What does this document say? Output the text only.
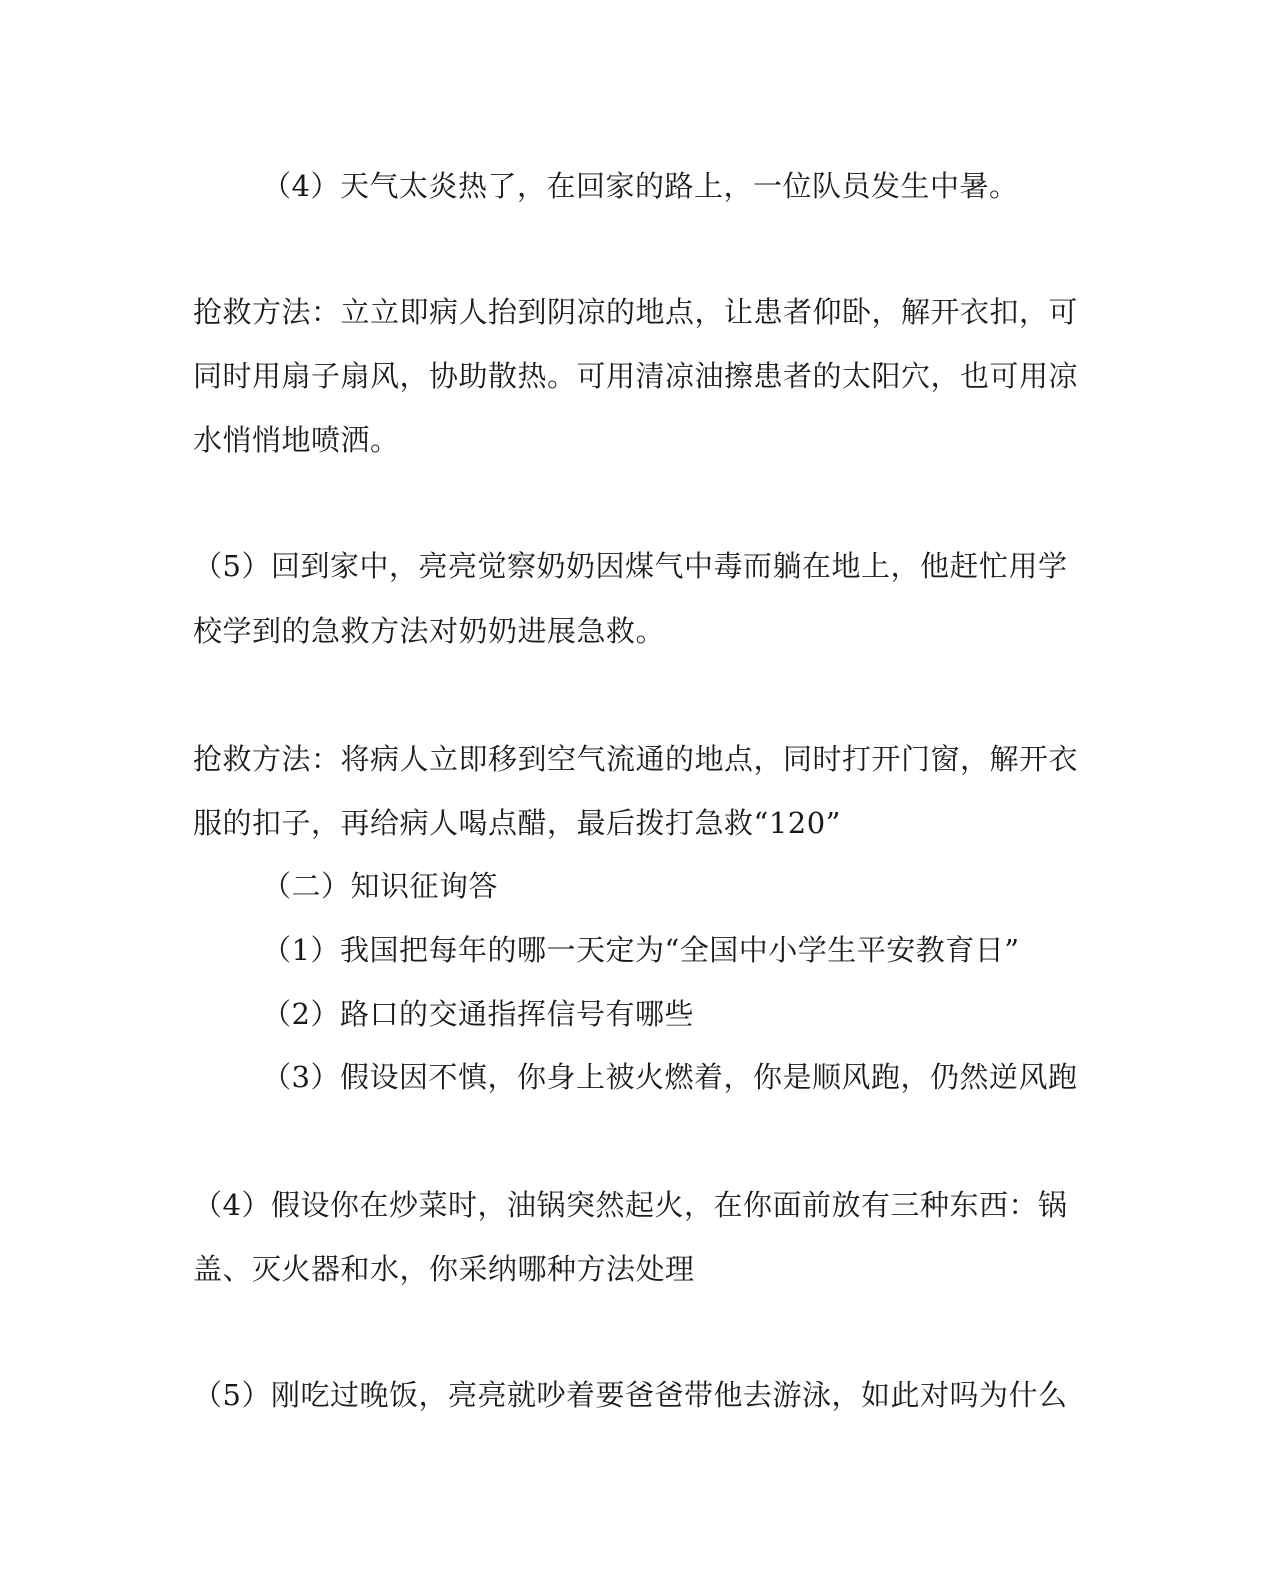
（4）天气太炎热了，在回家的路上，一位队员发生中暑。
抢救方法：立立即病人抬到阴凉的地点，让患者仰卧，解开衣扣，可
同时用扇子扇风，协助散热。可用清凉油擦患者的太阳穴，也可用凉
水悄悄地喷洒。
（5）回到家中，亮亮觉察奶奶因煤气中毒而躺在地上，他赶忙用学
校学到的急救方法对奶奶进展急救。
抢救方法：将病人立即移到空气流通的地点，同时打开门窗，解开衣
服的扣子，再给病人喝点醋，最后拨打急救“120”
（二）知识征询答
（1）我国把每年的哪一天定为“全国中小学生平安教育日”
（2）路口的交通指挥信号有哪些
（3）假设因不慎，你身上被火燃着，你是顺风跑，仍然逆风跑
（4）假设你在炒菜时，油锅突然起火，在你面前放有三种东西：锅
盖、灭火器和水，你采纳哪种方法处理
（5）刚吃过晚饭，亮亮就吵着要爸爸带他去游泳，如此对吗为什么
